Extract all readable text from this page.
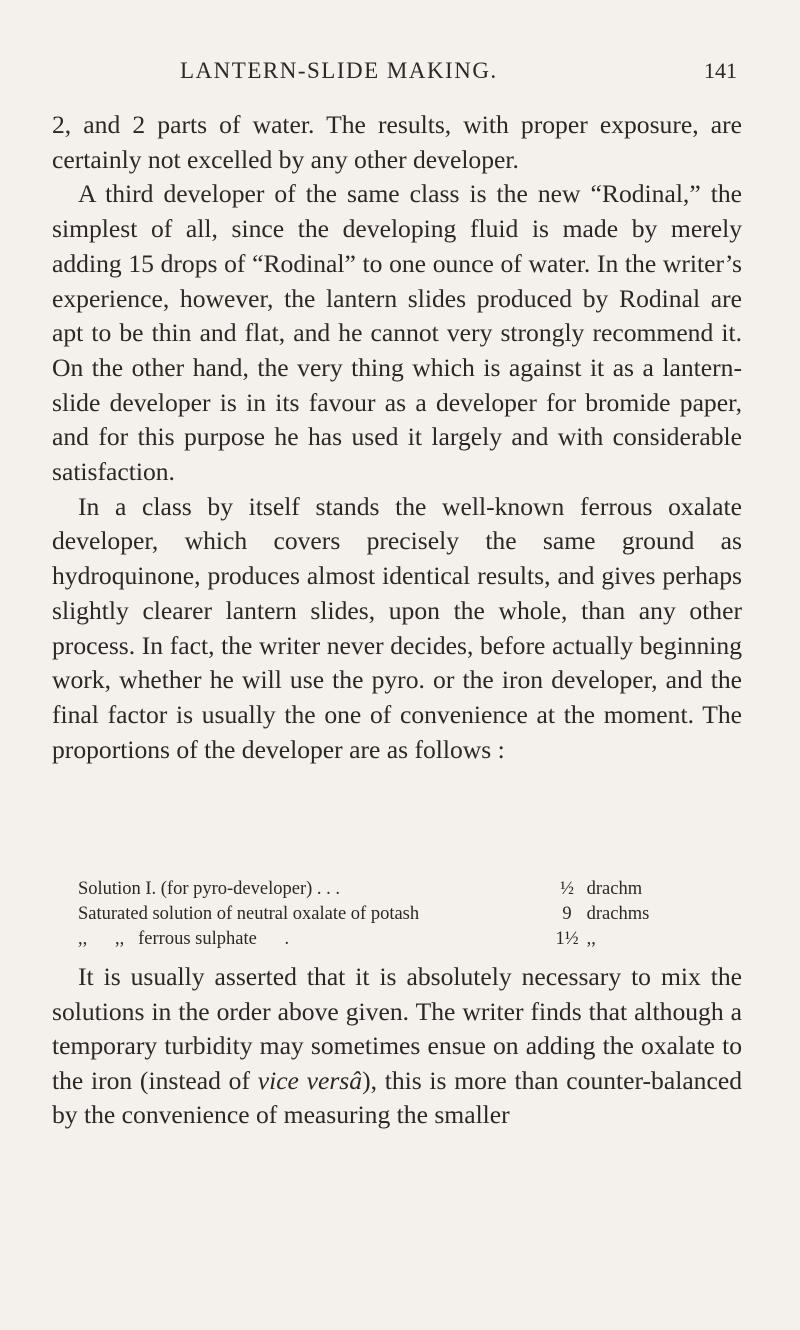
LANTERN-SLIDE MAKING.	141

2, and 2 parts of water. The results, with proper exposure, are certainly not excelled by any other developer.

A third developer of the same class is the new “Rodinal,” the simplest of all, since the developing fluid is made by merely adding 15 drops of “Rodinal” to one ounce of water. In the writer’s experience, however, the lantern slides produced by Rodinal are apt to be thin and flat, and he cannot very strongly recommend it. On the other hand, the very thing which is against it as a lantern-slide developer is in its favour as a developer for bromide paper, and for this purpose he has used it largely and with considerable satisfaction.

In a class by itself stands the well-known ferrous oxalate developer, which covers precisely the same ground as hydroquinone, produces almost identical results, and gives perhaps slightly clearer lantern slides, upon the whole, than any other process. In fact, the writer never decides, before actually beginning work, whether he will use the pyro. or the iron developer, and the final factor is usually the one of convenience at the moment. The proportions of the developer are as follows :

Solution I. (for pyro-developer) . . .	½ drachm
Saturated solution of neutral oxalate of potash	9 drachms
,,      ,,   ferrous sulphate      .	1½ ,,

It is usually asserted that it is absolutely necessary to mix the solutions in the order above given. The writer finds that although a temporary turbidity may sometimes ensue on adding the oxalate to the iron (instead of vice versâ), this is more than counter-balanced by the convenience of measuring the smaller
